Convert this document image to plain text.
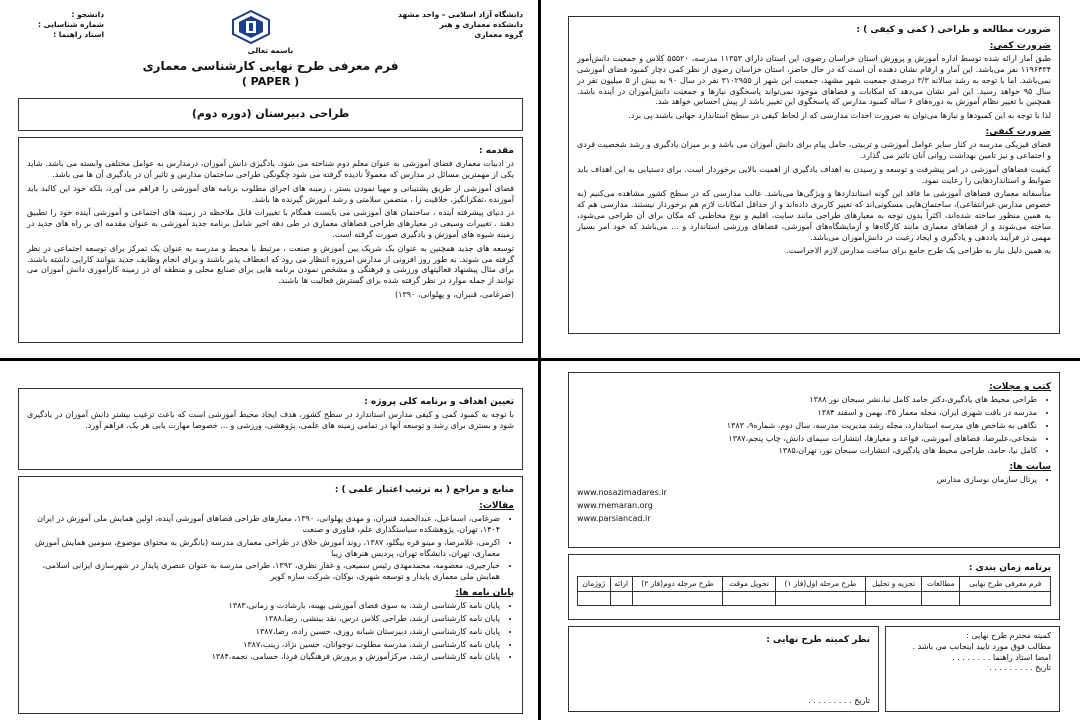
دانشگاه آزاد اسلامی – واحد مشهد
دانشکده معماری و هنر
گروه معماری
دانشجو :
شماره شناسایی :
استاد راهنما :
باسمه تعالی
فرم معرفی طرح نهایی کارشناسی معماری
( PAPER )
طراحی دبیرستان (دوره دوم)
مقدمه :

در ادبیات معماری فضای آموزشی به عنوان معلم دوم شناخته می شود. یادگیری دانش آموزان، درمدارس به عوامل مختلفی وابسته می باشد. شاید یکی از مهمترین مسائل در مدارس که معمولاً نادیده گرفته می شود چگونگی طراحی ساختمان مدارس و تاثیر آن در یادگیری آن ها می باشد.

فضای آموزشی از طریق پشتیبانی و مهیا نمودن بستر ، زمینه های اجرای مطلوب برنامه های آموزشی را فراهم می آورد، بلکه خود این کالبد باید آموزنده ،تفکرانگیز، خلاقیت زا ، متضمن سلامتی و رشد آموزش گیرنده ها باشد.

در دنیای پیشرفته آینده ، ساختمان های آموزشی می بایست همگام با تغییرات قابل ملاحظه در زمینه های اجتماعی و آموزشی آینده خود را تطبیق دهند . تغییرات وسیعی در معیارهای طراحی فضاهای معماری در طی دهه اخیر شامل برنامه جدید آموزشی به عنوان مقدمه ای بر راه های جدید در زمینه شیوه های آموزش و یادگیری صورت گرفته است.

توسعه های جدید همچنین به عنوان یک شریک بین آموزش و صنعت ، مرتبط با محیط و مدرسه به عنوان یک تمرکز برای توسعه اجتماعی در نظر گرفته می شوند. به طور روز افزونی از مدارس امروزه انتظار می رود که انعطاف پذیر باشند و برای انجام وظایف جدید بتوانند کارایی داشته باشند. برای مثال پیشنهاد فعالیتهای ورزشی و فرهنگی و مشخص نمودن برنامه هایی برای صنایع محلی و منطقه ای در زمینه کارآموزی دانش آموزان می توانند از جمله موارد در نظر گرفته شده برای گسترش فعالیت ها باشند.

(ضرغامی، قنبران، و پهلوانی، ۱۳۹۰)

ضرورت مطالعه و طراحی ( کمی و کیفی ) :
ضرورت کمی:

طبق آمار ارائه شده توسط اداره آموزش و پرورش استان خراسان رضوی، این استان دارای ۱۱۳۵۳ مدرسه، ۵۵۵۲۰ کلاس و جمعیت دانش‌آموز ۱۱۹۶۴۳۴ نفر می‌باشد. این آمار و ارقام نشان دهنده آن است که در حال حاضر، استان خراسان رضوی از نظر کمی دچار کمبود فضای آموزشی نمی‌باشد. اما با توجه به رشد سالانه ۳/۳ درصدی جمعیت شهر مشهد، جمعیت این شهر از ۳۱۰۲۹۵۵ نفر در سال ۹۰ به بیش از ۵ میلیون نفر در سال ۹۵ خواهد رسید. این امر نشان می‌دهد که امکانات و فضاهای موجود نمی‌تواند پاسخگوی نیازها و جمعیت دانش‌آموزان در آینده باشد. همچنین با تغییر نظام آموزش به دوره‌های ۶ ساله کمبود مدارس که پاسخگوی این تغییر باشد از پیش احساس خواهد شد.

لذا با توجه به این کمبودها و نیازها می‌توان به ضرورت احداث مدارسی که از لحاظ کیفی در سطح استاندارد جهانی باشند پی برد.

ضرورت کیفی:

فضای فیزیکی مدرسه در کنار سایر عوامل آموزشی و تربیتی، حامل پیام برای دانش آموزان می باشد و بر میزان یادگیری و رشد شخصیت فردی و اجتماعی و نیز تامین بهداشت روانی آنان تاثیر می گذارد.

کیفیت فضاهای آموزشی در امر پیشرفت و توسعه و رسیدن به اهداف یادگیری از اهمیت بالایی برخوردار است. برای دستیابی به این اهداف باید ضوابط و استانداردهایی را رعایت نمود.

متأسفانه معماری فضاهای آموزشی ما فاقد این گونه استانداردها و ویژگی‌ها می‌باشد. غالب مدارسی که در سطح کشور مشاهده می‌کنیم (به خصوص مدارس غیرانتفاعی)، ساختمان‌هایی مسکونی‌اند که تغییر کاربری داده‌اند و از حداقل امکانات لازم هم برخوردار نیستند. مدارسی هم که به همین منظور ساخته شده‌اند، اکثراً بدون توجه به معیارهای طراحی مانند سایت، اقلیم و نوع مخاطبی که مکان برای آن طراحی می‌شود، ساخته می‌شوند و از فضاهای معماری مانند کارگاه‌ها و آزمایشگاه‌های آموزشی، فضاهای ورزشی استاندارد و ... می‌باشد که خود امر بسیار مهمی در فرآیند یاددهی و یادگیری و ایجاد رغبت در دانش‌آموزان می‌باشد.

به همین دلیل نیاز به طراحی یک طرح جامع برای ساخت مدارس لازم الاجراست.

تعیین اهداف و برنامه کلی پروژه :

با توجه به کمبود کمی و کیفی مدارس استاندارد در سطح کشور، هدف ایجاد محیط آموزشی است که باعث ترغیب بیشتر دانش آموزان در یادگیری شود و بستری برای رشد و توسعه آنها در تمامی زمینه های علمی، پژوهشی، ورزشی و ... خصوصا مهارت یابی هر یک، فراهم آورد.

منابع و مراجع ( به ترتیب اعتبار علمی ) :
مقالات:
• ضرغامی، اسماعیل، عبدالحمید قنبران، و مهدی پهلوانی، ۱۳۹۰، معیارهای طراحی فضاهای آموزشی آینده، اولین همایش ملی آموزش در ایران ۱۴۰۴، تهران، پژوهشکده سیاستگذاری علم، فناوری و صنعت
• اکرمی، غلامرضا، و مینو قره بیگلو، ۱۳۸۷، روند آموزش خلاق در طراحی معماری مدرسه (بانگرش به محتوای موضوع، سومین همایش آموزش معماری، تهران، دانشگاه تهران، پردیس هنرهای زیبا
• خبازجیری، معصومه، محمدمهدی رئیس سمیعی، و غفار نظری، ۱۳۹۲، طراحی مدرسه به عنوان عنصری پایدار در شهرسازی ایرانی اسلامی، همایش ملی معماری پایدار و توسعه شهری، بوکان، شرکت سازه کویر
پایان نامه ها:
• پایان نامه کارشناسی ارشد، به سوی فضای آموزشی بهینه، بارشادت و زمانی،۱۳۸۳
• پایان نامه کارشناسی ارشد، طراحی کلاس درس، نقد بینشی، رضا،۱۳۸۸
• پایان نامه کارشناسی ارشد، دبیرستان شبانه روزی، حسین زاده، رضا،۱۳۸۷
• پایان نامه کارشناسی ارشد، مدرسه مطلوب نوجوانان، حسین نژاد، زینب،۱۳۸۷
• پایان نامه کارشناسی ارشد، مرکزآموزش و پرورش فرهنگیان فردا، حسامی، نجمه،۱۳۸۴
کتب و مجلات:
• طراحی محیط های یادگیری،دکتر حامد کامل نیا،نشر سبحان نور ۱۳۸۸
• مدرسه در بافت شهری ایران، مجله معمار ۳۵، بهمن و اسفند ۱۳۸۴
• نگاهی به شاخص های مدرسه استاندارد، مجله رشد مدیریت مدرسه، سال دوم، شماره۹، ۱۳۸۳
• شجاعی،علیرضا، فضاهای آموزشی، قواعد و معیارها، انتشارات سیمای دانش، چاپ پنجم،۱۳۸۷
• کامل نیا، حامد، طراحی محیط های یادگیری، انتشارات سبحان نور، تهران،۱۳۸۵
سایت ها:
• پرتال سازمان نوسازی مدارس
• www.nosazimadares.ir
• www.memaran.org
• www.parsiancad.ir
برنامه زمان بندی :
فرم معرفی طرح نهایی	مطالعات	تجزیه و تحلیل	طرح مرحله اول(فاز ۱)	تحویل موقت	طرح مرحله دوم(فاز ۲)	ارائه	ژوژمان

کمیته محترم طرح نهایی :
مطالب فوق مورد تایید اینجانب می باشد .
امضا استاد راهنما . . . . . . . .
تاریخ . . . . . . . . .
نظر کمیته طرح نهایی :
تاریخ . . . . . . . . .
